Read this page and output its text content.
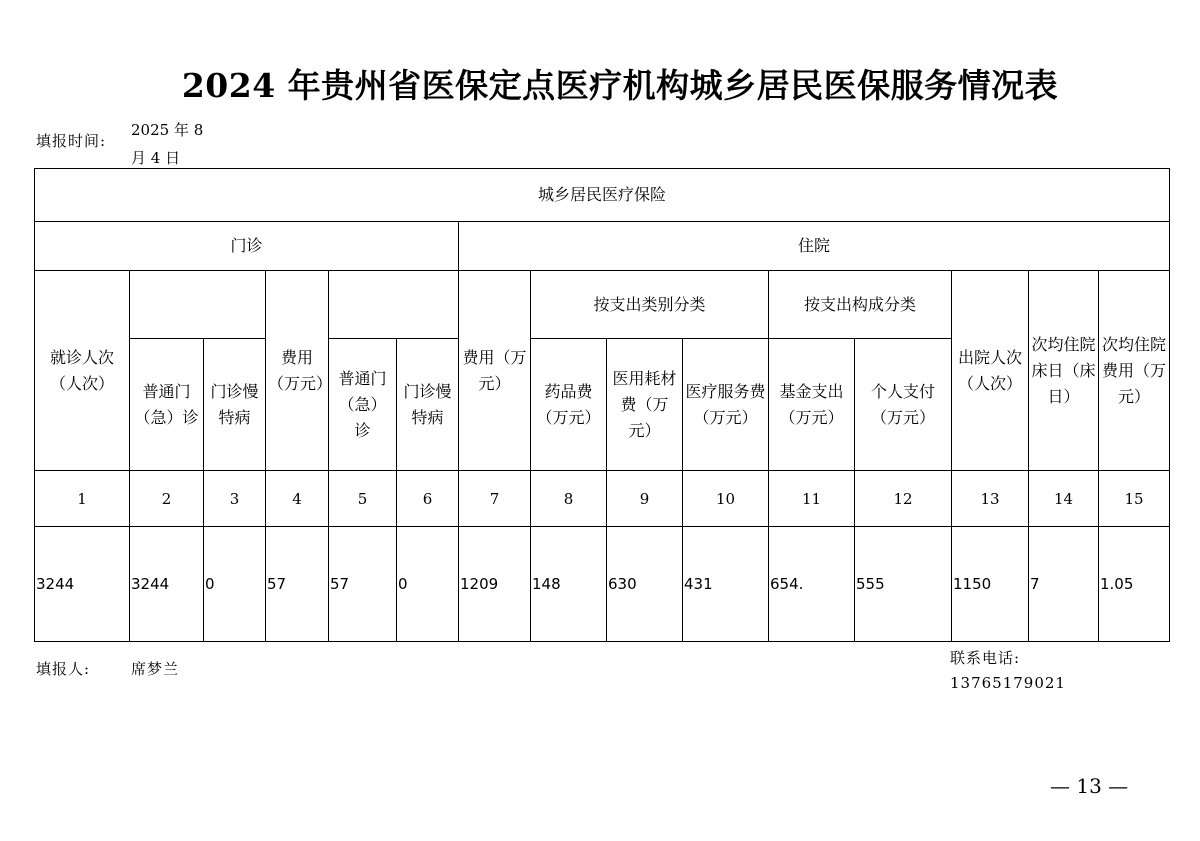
2024 年贵州省医保定点医疗机构城乡居民医保服务情况表
填报时间:
2025 年 8 月 4 日
城乡居民医疗保险														
门诊						住院								
就诊人次（人次）			费用（万元）			费用（万元）	按支出类别分类			按支出构成分类		出院人次（人次）	次均住院床日（床日）	次均住院费用（万元）
	普通门（急）诊	门诊慢特病		普通门（急）诊	门诊慢特病		药品费（万元）	医用耗材费（万元）	医疗服务费（万元）	基金支出（万元）	个人支付（万元）			
1	2	3	4	5	6	7	8	9	10	11	12	13	14	15
3244	3244	0	57	57	0	1209	148	630	431	654.	555	1150	7	1.05
填报人:	席梦兰
联系电话:
13765179021
— 13 —
